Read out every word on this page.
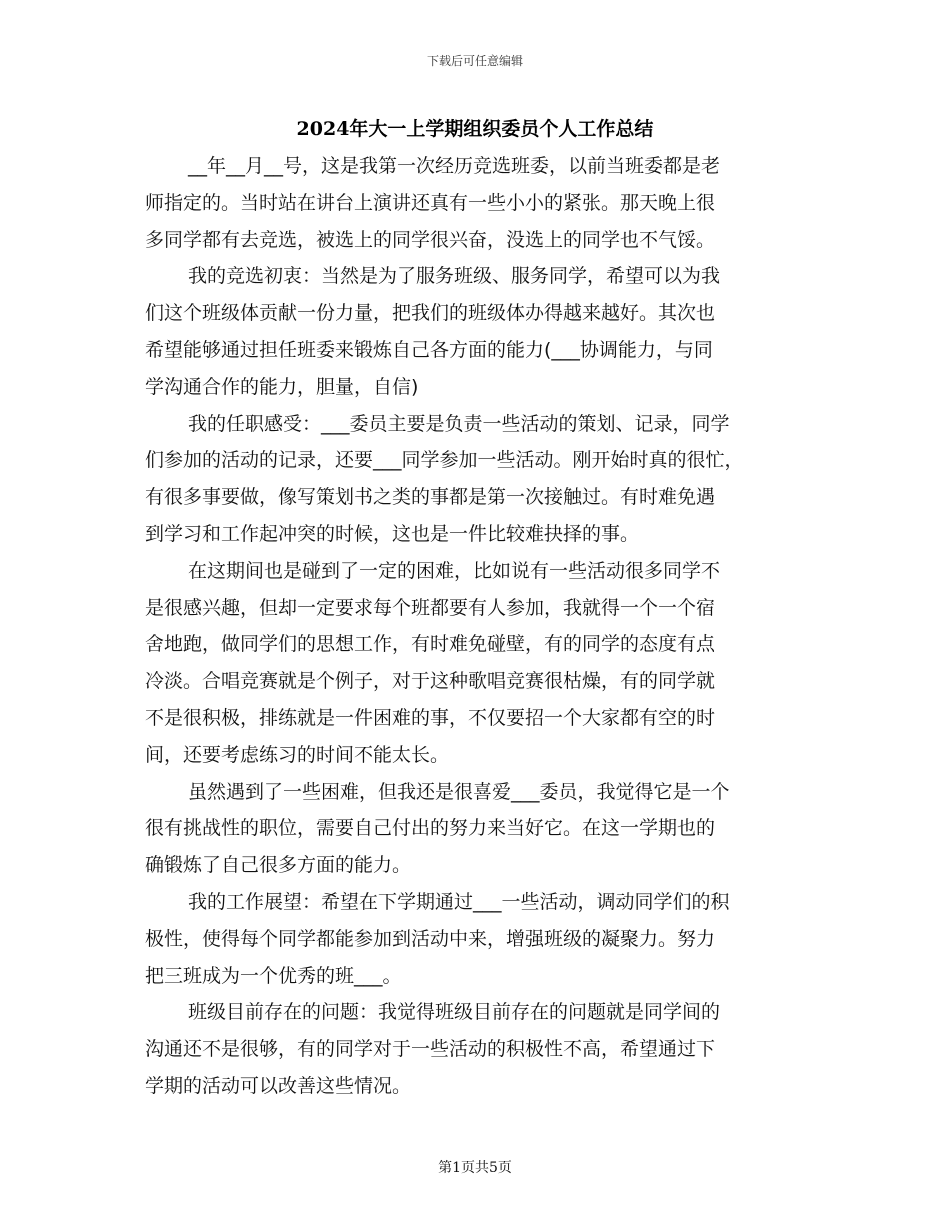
下载后可任意编辑
2024年大一上学期组织委员个人工作总结
__年__月__号，这是我第一次经历竞选班委，以前当班委都是老
师指定的。当时站在讲台上演讲还真有一些小小的紧张。那天晚上很
多同学都有去竞选，被选上的同学很兴奋，没选上的同学也不气馁。
我的竞选初衷：当然是为了服务班级、服务同学，希望可以为我
们这个班级体贡献一份力量，把我们的班级体办得越来越好。其次也
希望能够通过担任班委来锻炼自己各方面的能力(___协调能力，与同
学沟通合作的能力，胆量，自信)
我的任职感受：___委员主要是负责一些活动的策划、记录，同学
们参加的活动的记录，还要___同学参加一些活动。刚开始时真的很忙，
有很多事要做，像写策划书之类的事都是第一次接触过。有时难免遇
到学习和工作起冲突的时候，这也是一件比较难抉择的事。
在这期间也是碰到了一定的困难，比如说有一些活动很多同学不
是很感兴趣，但却一定要求每个班都要有人参加，我就得一个一个宿
舍地跑，做同学们的思想工作，有时难免碰壁，有的同学的态度有点
冷淡。合唱竞赛就是个例子，对于这种歌唱竞赛很枯燥，有的同学就
不是很积极，排练就是一件困难的事，不仅要招一个大家都有空的时
间，还要考虑练习的时间不能太长。
虽然遇到了一些困难，但我还是很喜爱___委员，我觉得它是一个
很有挑战性的职位，需要自己付出的努力来当好它。在这一学期也的
确锻炼了自己很多方面的能力。
我的工作展望：希望在下学期通过___一些活动，调动同学们的积
极性，使得每个同学都能参加到活动中来，增强班级的凝聚力。努力
把三班成为一个优秀的班___。
班级目前存在的问题：我觉得班级目前存在的问题就是同学间的
沟通还不是很够，有的同学对于一些活动的积极性不高，希望通过下
学期的活动可以改善这些情况。
第1页共5页
